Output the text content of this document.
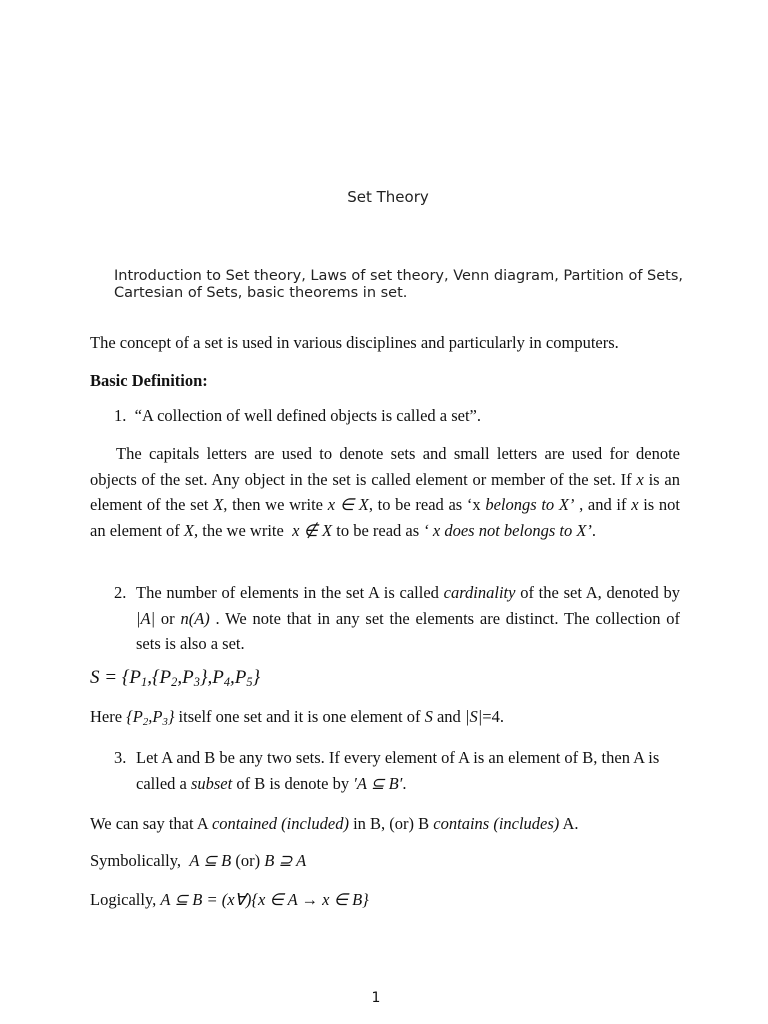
Set Theory
Introduction to Set theory, Laws of set theory, Venn diagram, Partition of Sets, Cartesian of Sets, basic theorems in set.
The concept of a set is used in various disciplines and particularly in computers.
Basic Definition:
1. “A collection of well defined objects is called a set”.
The capitals letters are used to denote sets and small letters are used for denote objects of the set. Any object in the set is called element or member of the set. If x is an element of the set X, then we write x ∈ X, to be read as ‘x belongs to X’ , and if x is not an element of X, the we write  x ∉ X to be read as ‘ x does not belongs to X’.
2. The number of elements in the set A is called cardinality of the set A, denoted by |A| or n(A) . We note that in any set the elements are distinct. The collection of sets is also a set.
$S = \{P_1,\{P_2,P_3\},P_4,P_5\}$
Here $\{P_2,P_3\}$ itself one set and it is one element of S and |S|=4.
3. Let A and B be any two sets. If every element of A is an element of B, then A is called a subset of B is denote by ′A ⊆ B′.
We can say that A contained (included) in B, (or) B contains (includes) A.
Symbolically,  A ⊆ B (or) B ⊇ A
Logically, A ⊆ B = (x∀){x ∈ A → x ∈ B}
1
